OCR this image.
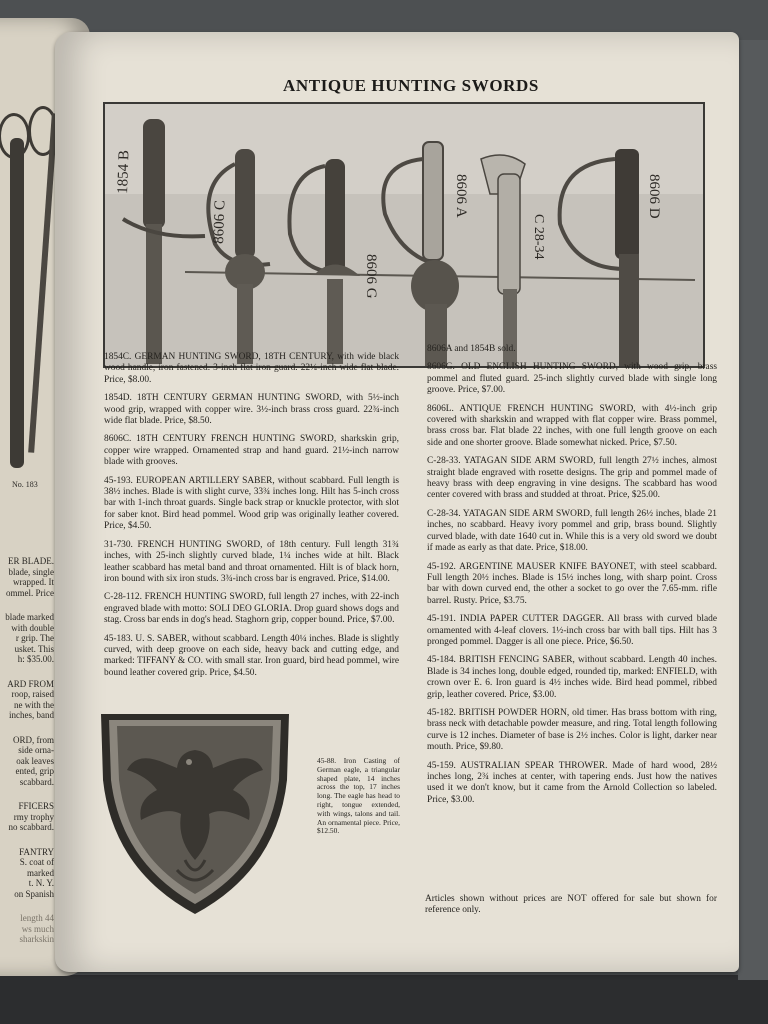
No. 183
ER BLADE.
blade, single
wrapped. It
ommel. Price
blade marked
with double
r grip. The
usket. This
h: $35.00.
ARD FROM
roop, raised
ne with the
inches, band
ORD, from
side orna-
oak leaves
ented, grip
scabbard.
FFICERS
rmy trophy
no scabbard.
FANTRY
S. coat of
marked
t. N. Y.
on Spanish
length 44
ws much
sharkskin
ANTIQUE HUNTING SWORDS
1854 B
8606 C
8606 G
8606 A
C 28-34
8606 D

1854C. GERMAN HUNTING SWORD, 18TH CENTURY, with wide black wood handle, iron fastened. 3-inch flat iron guard. 22¼-inch wide flat blade. Price, $8.00.

1854D. 18TH CENTURY GERMAN HUNTING SWORD, with 5½-inch wood grip, wrapped with copper wire. 3½-inch brass cross guard. 22¾-inch wide flat blade. Price, $8.50.

8606C. 18TH CENTURY FRENCH HUNTING SWORD, sharkskin grip, copper wire wrapped. Ornamented strap and hand guard. 21½-inch narrow blade with grooves.

45-193. EUROPEAN ARTILLERY SABER, without scabbard. Full length is 38½ inches. Blade is with slight curve, 33¾ inches long. Hilt has 5-inch cross bar with 1-inch throat guards. Single back strap or knuckle protector, with slot for saber knot. Bird head pommel. Wood grip was originally leather covered. Price, $4.50.

31-730. FRENCH HUNTING SWORD, of 18th century. Full length 31¾ inches, with 25-inch slightly curved blade, 1¼ inches wide at hilt. Black leather scabbard has metal band and throat ornamented. Hilt is of black horn, iron bound with six iron studs. 3¾-inch cross bar is engraved. Price, $14.00.

C-28-112. FRENCH HUNTING SWORD, full length 27 inches, with 22-inch engraved blade with motto: SOLI DEO GLORIA. Drop guard shows dogs and stag. Cross bar ends in dog's head. Staghorn grip, copper bound. Price, $7.00.

45-183. U. S. SABER, without scabbard. Length 40¼ inches. Blade is slightly curved, with deep groove on each side, heavy back and cutting edge, and marked: TIFFANY & CO. with small star. Iron guard, bird head pommel, wire bound leather covered grip. Price, $4.50.

8606A and 1854B sold.

8606G. OLD ENGLISH HUNTING SWORD, with wood grip, brass pommel and fluted guard. 25-inch slightly curved blade with single long groove. Price, $7.00.

8606L. ANTIQUE FRENCH HUNTING SWORD, with 4½-inch grip covered with sharkskin and wrapped with flat copper wire. Brass pommel, brass cross bar. Flat blade 22 inches, with one full length groove on each side and one shorter groove. Blade somewhat nicked. Price, $7.50.

C-28-33. YATAGAN SIDE ARM SWORD, full length 27½ inches, almost straight blade engraved with rosette designs. The grip and pommel made of heavy brass with deep engraving in vine designs. The scabbard has wood center covered with brass and studded at throat. Price, $25.00.

C-28-34. YATAGAN SIDE ARM SWORD, full length 26½ inches, blade 21 inches, no scabbard. Heavy ivory pommel and grip, brass bound. Slightly curved blade, with date 1640 cut in. While this is a very old sword we doubt if made as early as that date. Price, $18.00.

45-192. ARGENTINE MAUSER KNIFE BAYONET, with steel scabbard. Full length 20½ inches. Blade is 15½ inches long, with sharp point. Cross bar with down curved end, the other a socket to go over the 7.65-mm. rifle barrel. Rusty. Price, $3.75.

45-191. INDIA PAPER CUTTER DAGGER. All brass with curved blade ornamented with 4-leaf clovers. 1½-inch cross bar with ball tips. Hilt has 3 pronged pommel. Dagger is all one piece. Price, $6.50.

45-184. BRITISH FENCING SABER, without scabbard. Length 40 inches. Blade is 34 inches long, double edged, rounded tip, marked: ENFIELD, with crown over E. 6. Iron guard is 4½ inches wide. Bird head pommel, ribbed grip, leather covered. Price, $3.00.

45-182. BRITISH POWDER HORN, old timer. Has brass bottom with ring, brass neck with detachable powder measure, and ring. Total length following curve is 12 inches. Diameter of base is 2½ inches. Color is light, darker near mouth. Price, $9.80.

45-159. AUSTRALIAN SPEAR THROWER. Made of hard wood, 28½ inches long, 2¾ inches at center, with tapering ends. Just how the natives used it we don't know, but it came from the Arnold Collection so labeled. Price, $3.00.

45-88. Iron Casting of German eagle, a triangular shaped plate, 14 inches across the top, 17 inches long. The eagle has head to right, tongue extended, with wings, talons and tail. An ornamental piece. Price, $12.50.
Articles shown without prices are NOT offered for sale but shown for reference only.
